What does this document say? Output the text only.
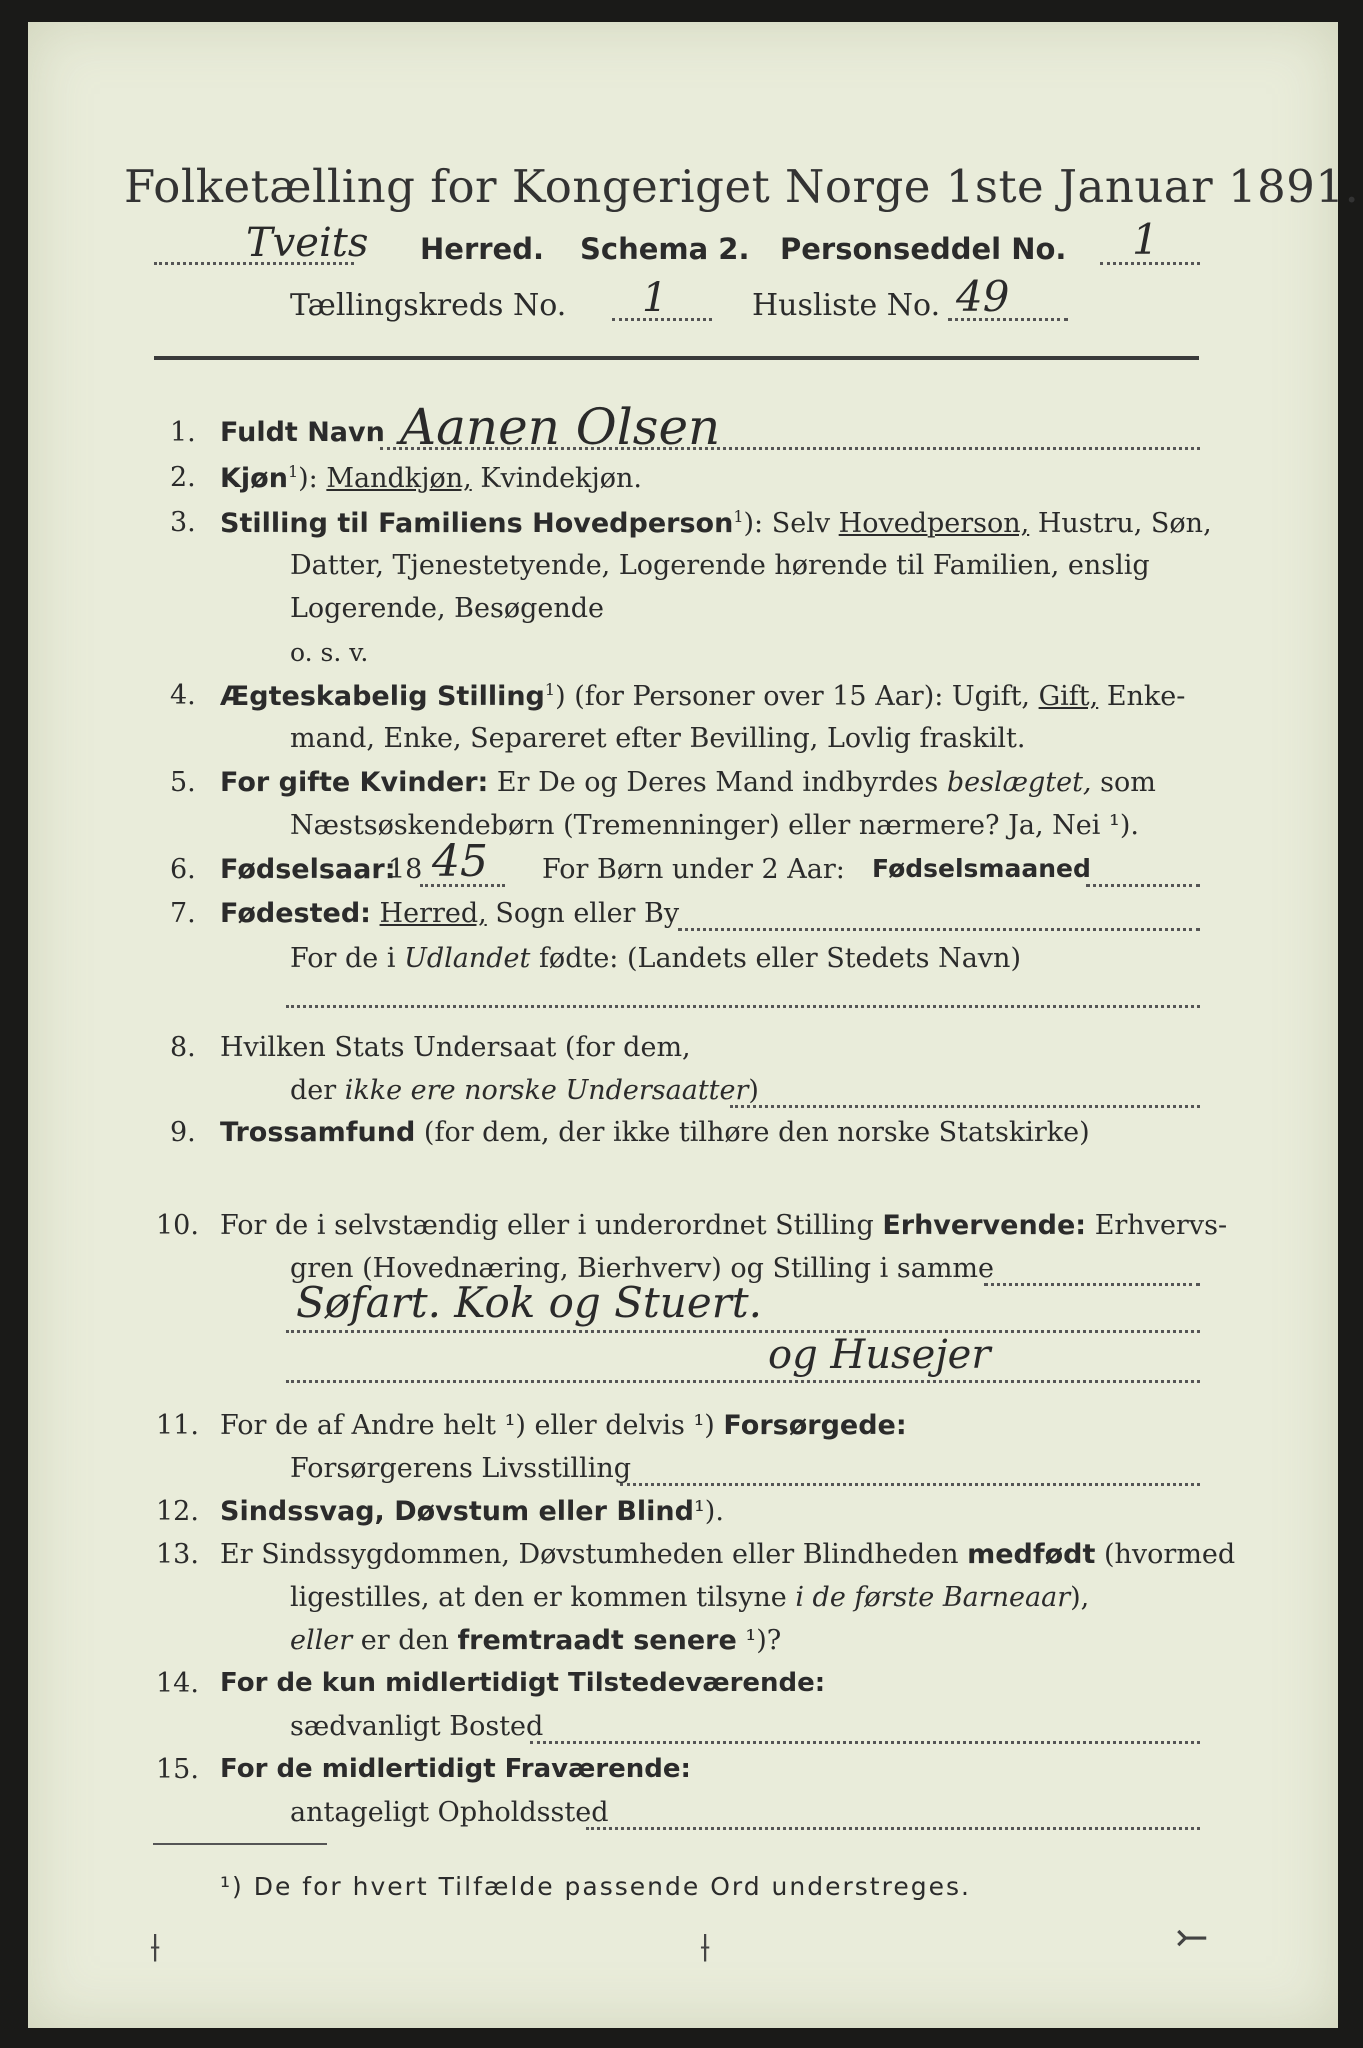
Folketælling for Kongeriget Norge 1ste Januar 1891.
Tveits Herred. Schema 2. Personseddel No. 1
Tællingskreds No. 1	Husliste No. 49
1. Fuldt Navn Aanen Olsen
2. Kjøn$^1$): Mandkjøn, Kvindekjøn.
3. Stilling til Familiens Hovedperson$^1$): Selv Hovedperson, Hustru, Søn,
Datter, Tjenestetyende, Logerende hørende til Familien, enslig
Logerende, Besøgende
o. s. v.
4. Ægteskabelig Stilling$^1$) (for Personer over 15 Aar): Ugift, Gift, Enke-
mand, Enke, Separeret efter Bevilling, Lovlig fraskilt.
5. For gifte Kvinder: Er De og Deres Mand indbyrdes beslægtet, som
Næstsøskendebørn (Tremenninger) eller nærmere? Ja, Nei ¹).
6. Fødselsaar:
18 45 For Børn under 2 Aar: Fødselsmaaned
7. Fødested: Herred, Sogn eller By
For de i Udlandet fødte: (Landets eller Stedets Navn)
8. Hvilken Stats Undersaat (for dem,
der ikke ere norske Undersaatter)
9. Trossamfund (for dem, der ikke tilhøre den norske Statskirke)
10. For de i selvstændig eller i underordnet Stilling Erhvervende: Erhvervs-
gren (Hovednæring, Bierhverv) og Stilling i samme
Søfart. Kok og Stuert.
og Husejer
11. For de af Andre helt ¹) eller delvis ¹) Forsørgede:
Forsørgerens Livsstilling
12. Sindssvag, Døvstum eller Blind¹).
13. Er Sindssygdommen, Døvstumheden eller Blindheden medfødt (hvormed
ligestilles, at den er kommen tilsyne i de første Barneaar),
eller er den fremtraadt senere ¹)?
14. For de kun midlertidigt Tilstedeværende:
sædvanligt Bosted
15. For de midlertidigt Fraværende:
antageligt Opholdssted
¹) De for hvert Tilfælde passende Ord understreges.
⟊	⟊	⤚
